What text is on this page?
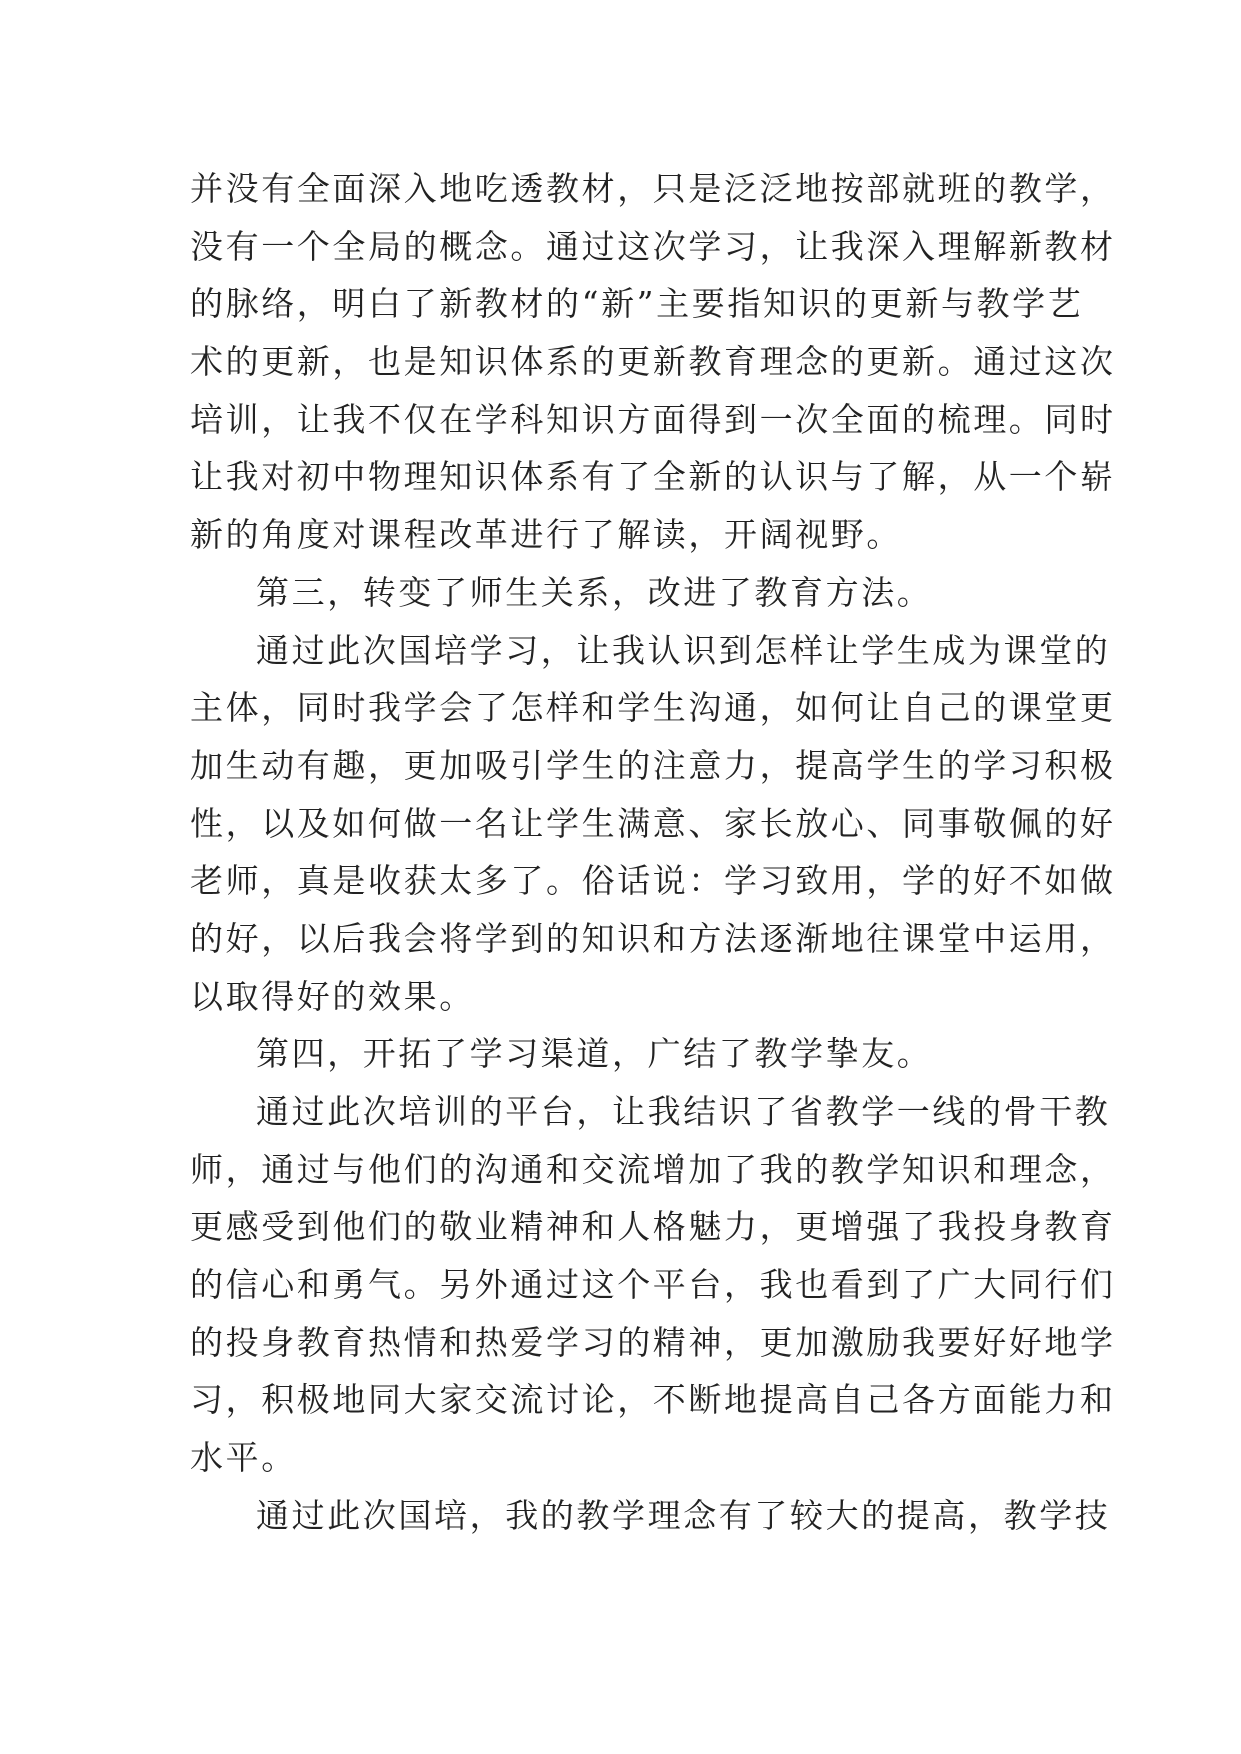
并没有全面深入地吃透教材，只是泛泛地按部就班的教学，
没有一个全局的概念。通过这次学习，让我深入理解新教材
的脉络，明白了新教材的“新”主要指知识的更新与教学艺
术的更新，也是知识体系的更新教育理念的更新。通过这次
培训，让我不仅在学科知识方面得到一次全面的梳理。同时
让我对初中物理知识体系有了全新的认识与了解，从一个崭
新的角度对课程改革进行了解读，开阔视野。
第三，转变了师生关系，改进了教育方法。
通过此次国培学习，让我认识到怎样让学生成为课堂的
主体，同时我学会了怎样和学生沟通，如何让自己的课堂更
加生动有趣，更加吸引学生的注意力，提高学生的学习积极
性，以及如何做一名让学生满意、家长放心、同事敬佩的好
老师，真是收获太多了。俗话说：学习致用，学的好不如做
的好，以后我会将学到的知识和方法逐渐地往课堂中运用，
以取得好的效果。
第四，开拓了学习渠道，广结了教学挚友。
通过此次培训的平台，让我结识了省教学一线的骨干教
师，通过与他们的沟通和交流增加了我的教学知识和理念，
更感受到他们的敬业精神和人格魅力，更增强了我投身教育
的信心和勇气。另外通过这个平台，我也看到了广大同行们
的投身教育热情和热爱学习的精神，更加激励我要好好地学
习，积极地同大家交流讨论，不断地提高自己各方面能力和
水平。
通过此次国培，我的教学理念有了较大的提高，教学技
